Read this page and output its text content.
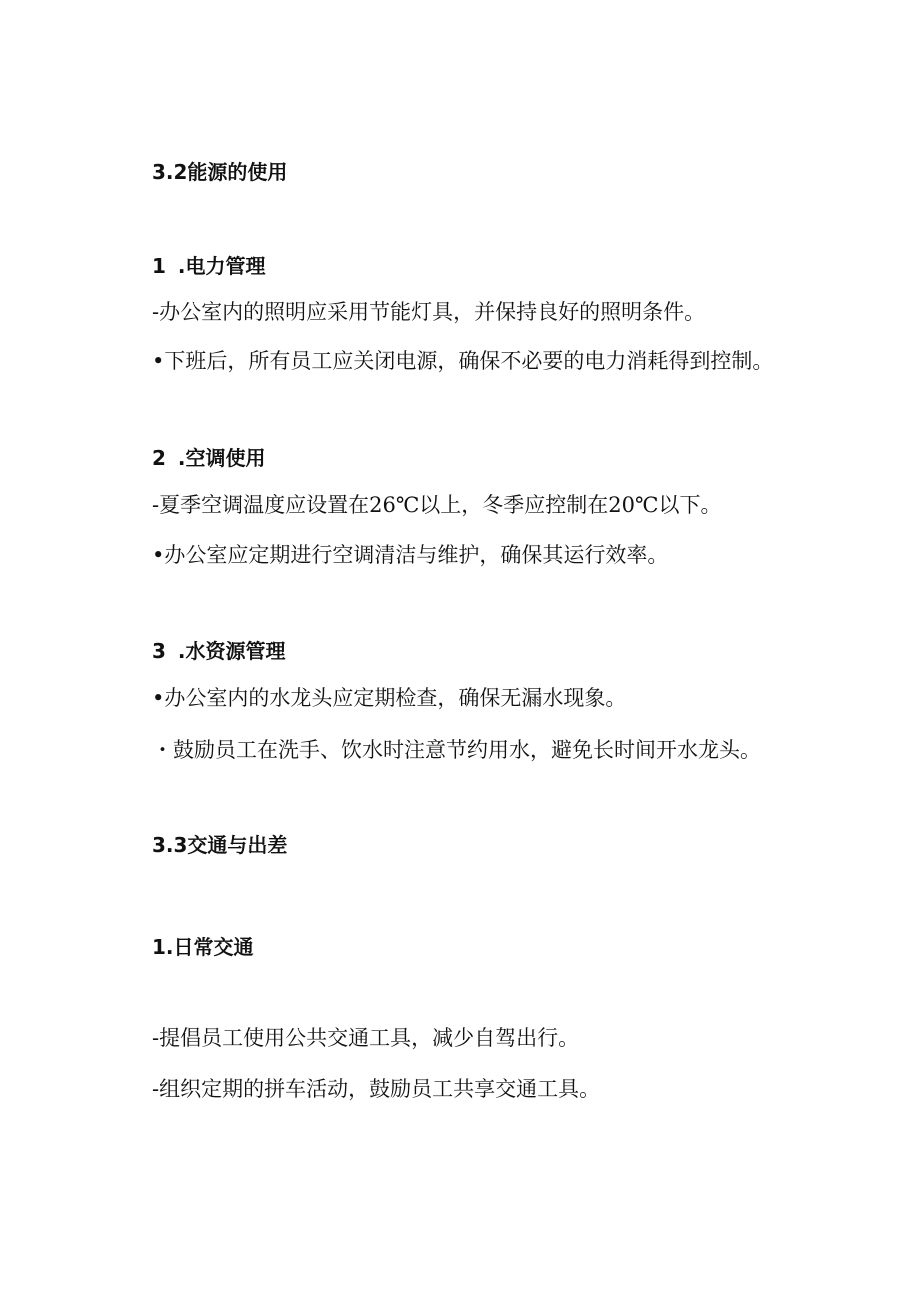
3.2能源的使用
1 .电力管理
-办公室内的照明应采用节能灯具，并保持良好的照明条件。
•下班后，所有员工应关闭电源，确保不必要的电力消耗得到控制。
2 .空调使用
-夏季空调温度应设置在26℃以上，冬季应控制在20℃以下。
•办公室应定期进行空调清洁与维护，确保其运行效率。
3 .水资源管理
•办公室内的水龙头应定期检查，确保无漏水现象。
・鼓励员工在洗手、饮水时注意节约用水，避免长时间开水龙头。
3.3交通与出差
1.日常交通
-提倡员工使用公共交通工具，减少自驾出行。
-组织定期的拼车活动，鼓励员工共享交通工具。
